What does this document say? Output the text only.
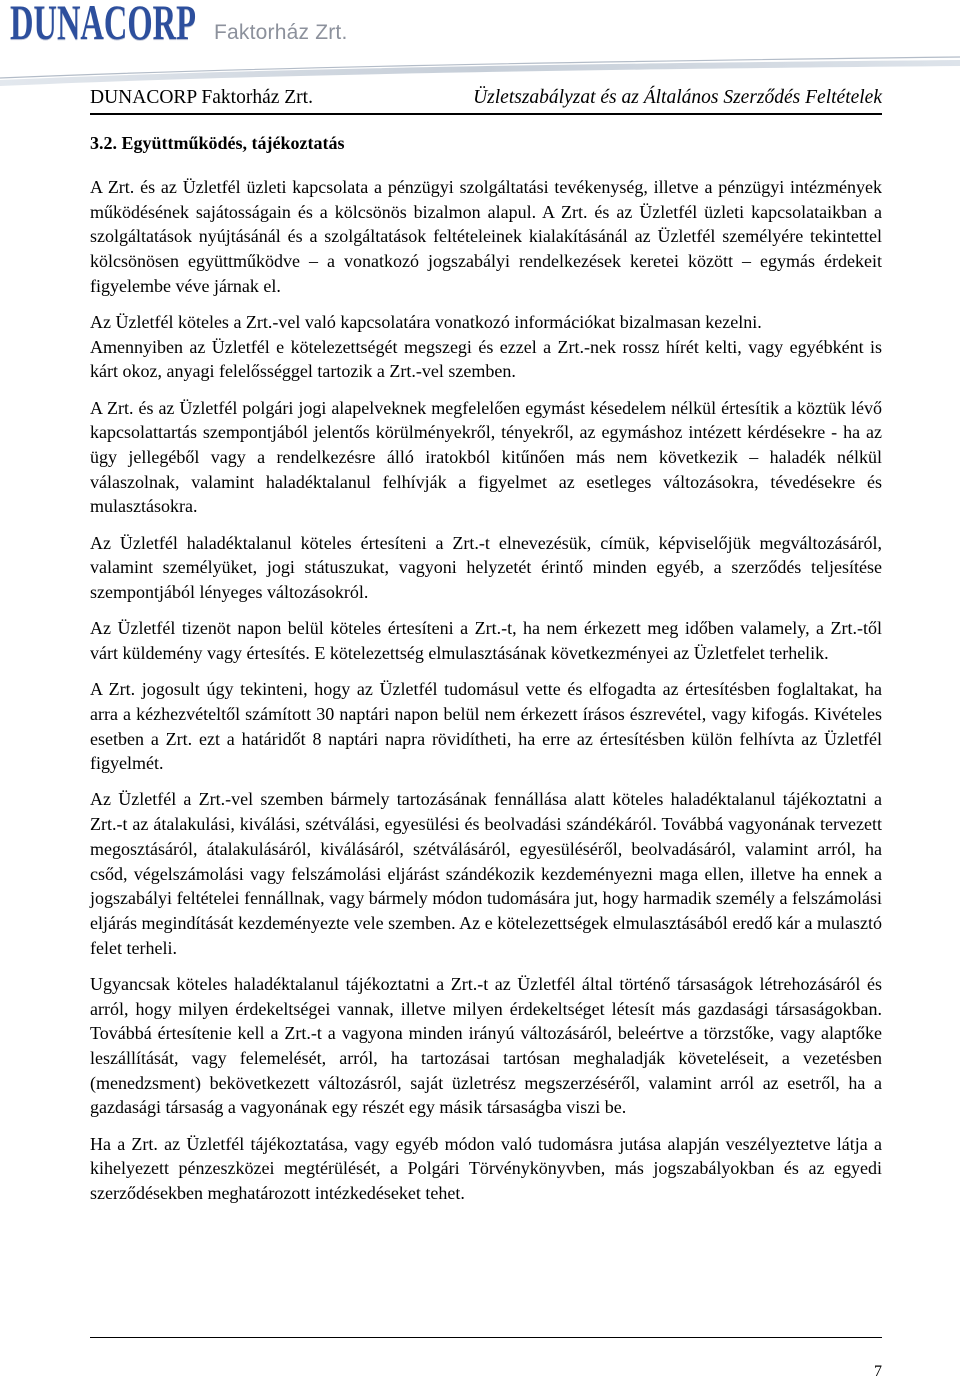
DUNACORP Faktorház Zrt.
DUNACORP Faktorház Zrt.	Üzletszabályzat és az Általános Szerződés Feltételek
3.2. Együttműködés, tájékoztatás

A Zrt. és az Üzletfél üzleti kapcsolata a pénzügyi szolgáltatási tevékenység, illetve a pénzügyi intézmények működésének sajátosságain és a kölcsönös bizalmon alapul. A Zrt. és az Üzletfél üzleti kapcsolataikban a szolgáltatások nyújtásánál és a szolgáltatások feltételeinek kialakításánál az Üzletfél személyére tekintettel kölcsönösen együttműködve – a vonatkozó jogszabályi rendelkezések keretei között – egymás érdekeit figyelembe véve járnak el.

Az Üzletfél köteles a Zrt.-vel való kapcsolatára vonatkozó információkat bizalmasan kezelni.
Amennyiben az Üzletfél e kötelezettségét megszegi és ezzel a Zrt.-nek rossz hírét kelti, vagy egyébként is kárt okoz, anyagi felelősséggel tartozik a Zrt.-vel szemben.

A Zrt. és az Üzletfél polgári jogi alapelveknek megfelelően egymást késedelem nélkül értesítik a köztük lévő kapcsolattartás szempontjából jelentős körülményekről, tényekről, az egymáshoz intézett kérdésekre - ha az ügy jellegéből vagy a rendelkezésre álló iratokból kitűnően más nem következik – haladék nélkül válaszolnak, valamint haladéktalanul felhívják a figyelmet az esetleges változásokra, tévedésekre és mulasztásokra.

Az Üzletfél haladéktalanul köteles értesíteni a Zrt.-t elnevezésük, címük, képviselőjük megváltozásáról, valamint személyüket, jogi státuszukat, vagyoni helyzetét érintő minden egyéb, a szerződés teljesítése szempontjából lényeges változásokról.

Az Üzletfél tizenöt napon belül köteles értesíteni a Zrt.-t, ha nem érkezett meg időben valamely, a Zrt.-től várt küldemény vagy értesítés. E kötelezettség elmulasztásának következményei az Üzletfelet terhelik.

A Zrt. jogosult úgy tekinteni, hogy az Üzletfél tudomásul vette és elfogadta az értesítésben foglaltakat, ha arra a kézhezvételtől számított 30 naptári napon belül nem érkezett írásos észrevétel, vagy kifogás. Kivételes esetben a Zrt. ezt a határidőt 8 naptári napra rövidítheti, ha erre az értesítésben külön felhívta az Üzletfél figyelmét.

Az Üzletfél a Zrt.-vel szemben bármely tartozásának fennállása alatt köteles haladéktalanul tájékoztatni a Zrt.-t az átalakulási, kiválási, szétválási, egyesülési és beolvadási szándékáról. Továbbá vagyonának tervezett megosztásáról, átalakulásáról, kiválásáról, szétválásáról, egyesüléséről, beolvadásáról, valamint arról, ha csőd, végelszámolási vagy felszámolási eljárást szándékozik kezdeményezni maga ellen, illetve ha ennek a jogszabályi feltételei fennállnak, vagy bármely módon tudomására jut, hogy harmadik személy a felszámolási eljárás megindítását kezdeményezte vele szemben. Az e kötelezettségek elmulasztásából eredő kár a mulasztó felet terheli.

Ugyancsak köteles haladéktalanul tájékoztatni a Zrt.-t az Üzletfél által történő társaságok létrehozásáról és arról, hogy milyen érdekeltségei vannak, illetve milyen érdekeltséget létesít más gazdasági társaságokban. Továbbá értesítenie kell a Zrt.-t a vagyona minden irányú változásáról, beleértve a törzstőke, vagy alaptőke leszállítását, vagy felemelését, arról, ha tartozásai tartósan meghaladják követeléseit, a vezetésben (menedzsment) bekövetkezett változásról, saját üzletrész megszerzéséről, valamint arról az esetről, ha a gazdasági társaság a vagyonának egy részét egy másik társaságba viszi be.

Ha a Zrt. az Üzletfél tájékoztatása, vagy egyéb módon való tudomásra jutása alapján veszélyeztetve látja a kihelyezett pénzeszközei megtérülését, a Polgári Törvénykönyvben, más jogszabályokban és az egyedi szerződésekben meghatározott intézkedéseket tehet.

7
